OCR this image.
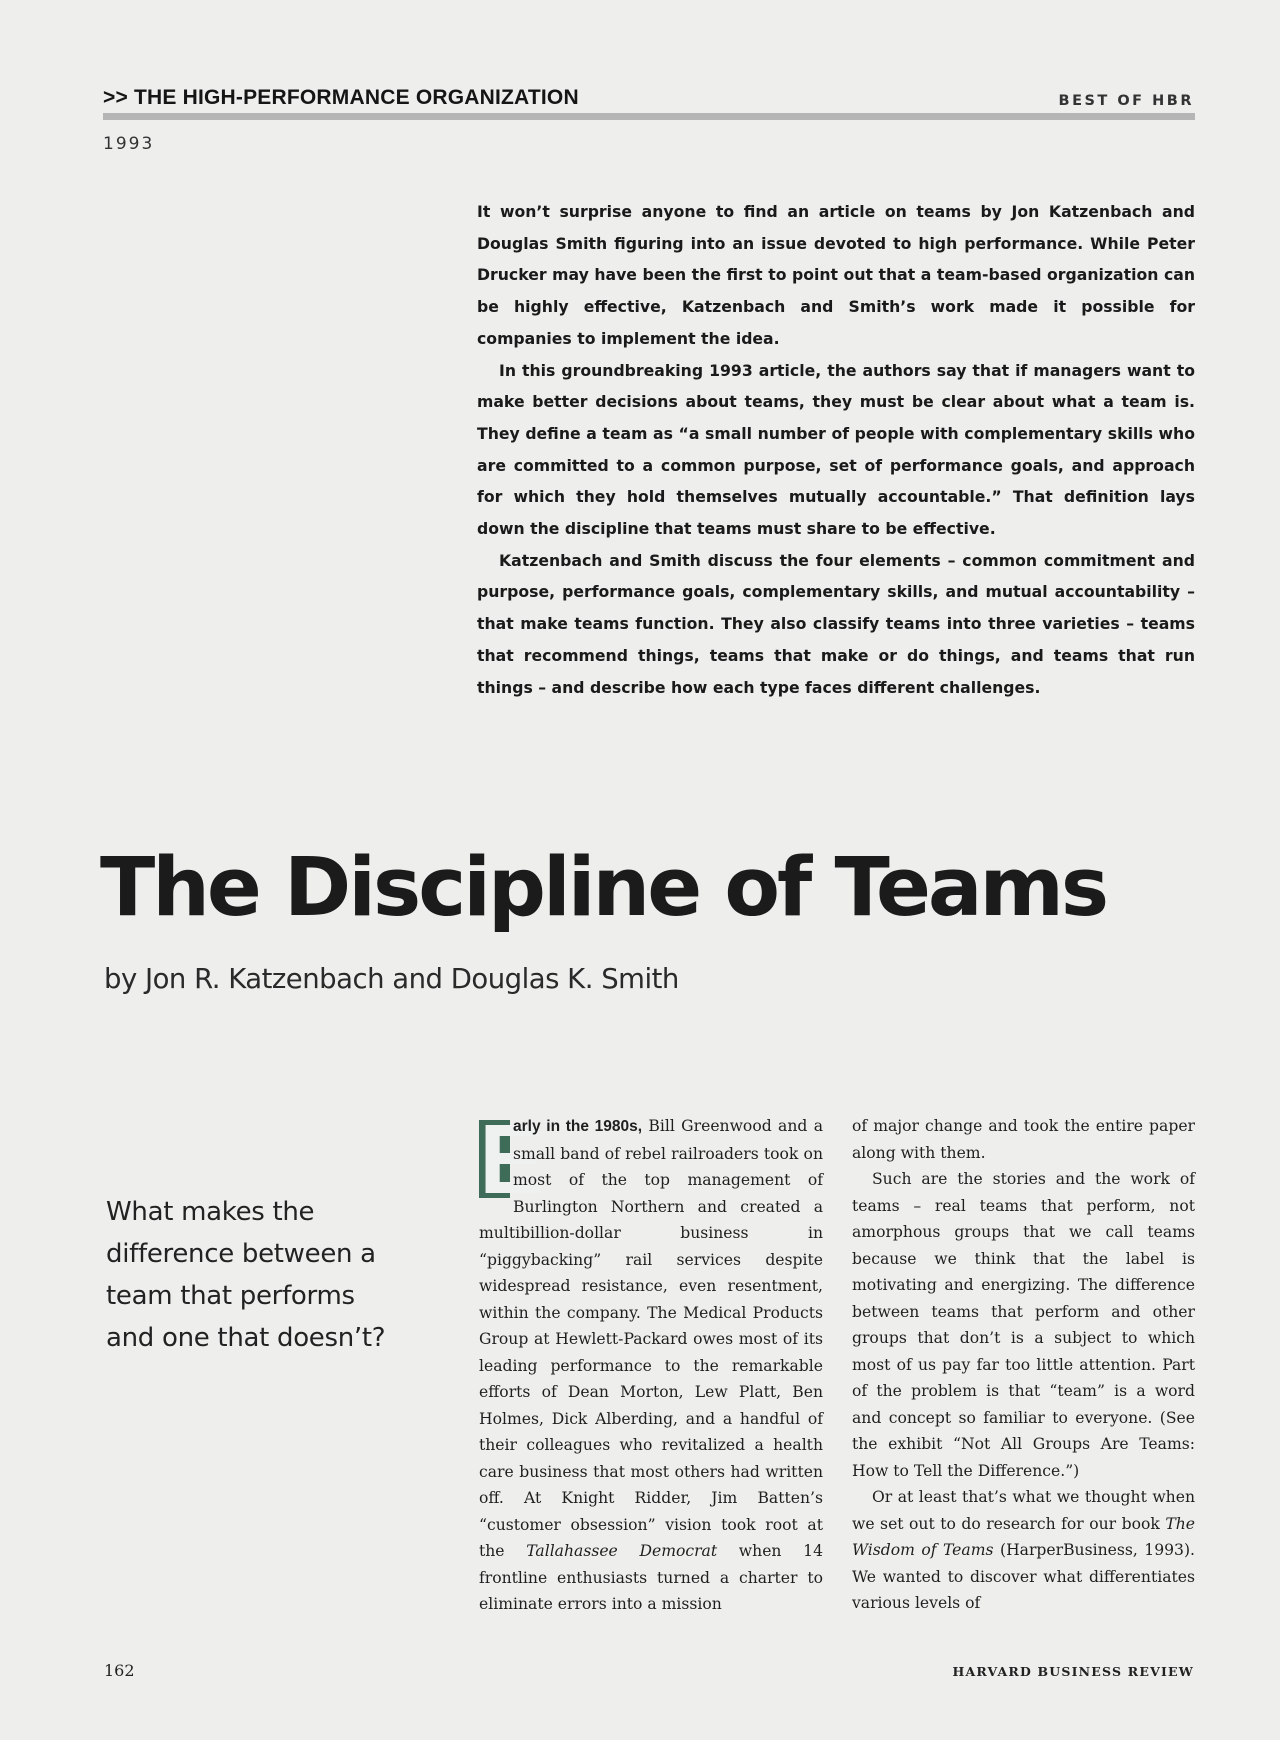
>> THE HIGH-PERFORMANCE ORGANIZATION	BEST OF HBR
1993

It won’t surprise anyone to find an article on teams by Jon Katzenbach and Douglas Smith figuring into an issue devoted to high performance. While Peter Drucker may have been the first to point out that a team-based organization can be highly effective, Katzenbach and Smith’s work made it possible for companies to implement the idea.

In this groundbreaking 1993 article, the authors say that if managers want to make better decisions about teams, they must be clear about what a team is. They define a team as “a small number of people with complementary skills who are committed to a common purpose, set of performance goals, and approach for which they hold themselves mutually accountable.” That definition lays down the discipline that teams must share to be effective.

Katzenbach and Smith discuss the four elements – common commitment and purpose, performance goals, complementary skills, and mutual accountability – that make teams function. They also classify teams into three varieties – teams that recommend things, teams that make or do things, and teams that run things – and describe how each type faces different challenges.

The Discipline of Teams
by Jon R. Katzenbach and Douglas K. Smith
What makes the difference between a team that performs and one that doesn’t?

E
arly in the 1980s, Bill Greenwood and a small band of rebel railroaders took on most of the top management of Burlington Northern and created a multibillion-dollar business in “piggybacking” rail services despite widespread resistance, even resentment, within the company. The Medical Products Group at Hewlett-Packard owes most of its leading performance to the remarkable efforts of Dean Morton, Lew Platt, Ben Holmes, Dick Alberding, and a handful of their colleagues who revitalized a health care business that most others had written off. At Knight Ridder, Jim Batten’s “customer obsession” vision took root at the Tallahassee Democrat when 14 frontline enthusiasts turned a charter to eliminate errors into a mission

of major change and took the entire paper along with them.

Such are the stories and the work of teams – real teams that perform, not amorphous groups that we call teams because we think that the label is motivating and energizing. The difference between teams that perform and other groups that don’t is a subject to which most of us pay far too little attention. Part of the problem is that “team” is a word and concept so familiar to everyone. (See the exhibit “Not All Groups Are Teams: How to Tell the Difference.”)

Or at least that’s what we thought when we set out to do research for our book The Wisdom of Teams (HarperBusiness, 1993). We wanted to discover what differentiates various levels of

162	HARVARD BUSINESS REVIEW
